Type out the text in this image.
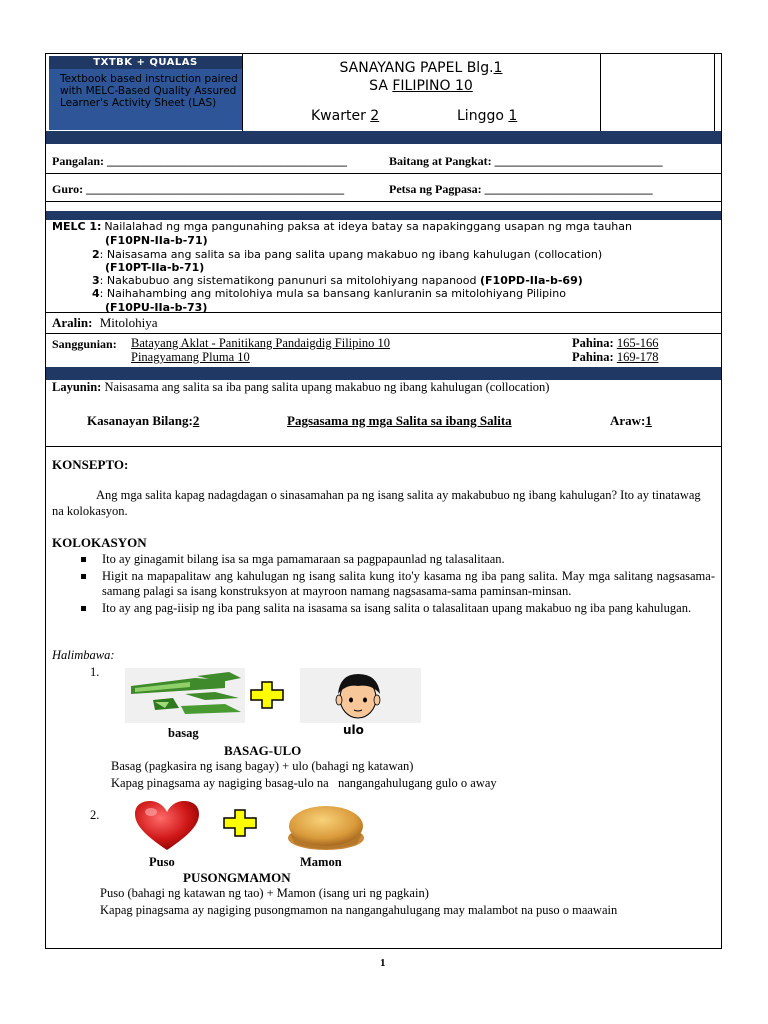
TXTBK + QUALAS
Textbook based instruction paired with MELC-Based Quality Assured Learner's Activity Sheet (LAS)
SANAYANG PAPEL Blg.1
SA FILIPINO 10
Kwarter 2	Linggo 1
Pangalan: ________________________________________	Baitang at Pangkat: ____________________________
Guro: ___________________________________________	Petsa ng Pagpasa: ____________________________
MELC 1: Nailalahad ng mga pangunahing paksa at ideya batay sa napakinggang usapan ng mga tauhan
(F10PN-IIa-b-71)
2: Naisasama ang salita sa iba pang salita upang makabuo ng ibang kahulugan (collocation)
(F10PT-IIa-b-71)
3: Nakabubuo ang sistematikong panunuri sa mitolohiyang napanood (F10PD-IIa-b-69)
4: Naihahambing ang mitolohiya mula sa bansang kanluranin sa mitolohiyang Pilipino
(F10PU-IIa-b-73)
Aralin: Mitolohiya
Sanggunian: Batayang Aklat - Panitikang Pandaigdig Filipino 10
Pinagyamang Pluma 10
Pahina: 165-166
Pahina: 169-178
Layunin: Naisasama ang salita sa iba pang salita upang makabuo ng ibang kahulugan (collocation)
Kasanayan Bilang:2	Pagsasama ng mga Salita sa ibang Salita	Araw:1
KONSEPTO:
Ang mga salita kapag nadagdagan o sinasamahan pa ng isang salita ay makabubuo ng ibang kahulugan? Ito ay tinatawag na kolokasyon.
KOLOKASYON
Ito ay ginagamit bilang isa sa mga pamamaraan sa pagpapaunlad ng talasalitaan.
Higit na mapapalitaw ang kahulugan ng isang salita kung ito'y kasama ng iba pang salita. May mga salitang nagsasama-samang palagi sa isang konstruksyon at mayroon namang nagsasama-sama paminsan-minsan.
Ito ay ang pag-iisip ng iba pang salita na isasama sa isang salita o talasalitaan upang makabuo ng iba pang kahulugan.
Halimbawa:
1.
basag	ulo
BASAG-ULO
Basag (pagkasira ng isang bagay) + ulo (bahagi ng katawan)
Kapag pinagsama ay nagiging basag-ulo na   nangangahulugang gulo o away
2.
Puso	Mamon
PUSONGMAMON
Puso (bahagi ng katawan ng tao) + Mamon (isang uri ng pagkain)
Kapag pinagsama ay nagiging pusongmamon na nangangahulugang may malambot na puso o maawain
1
